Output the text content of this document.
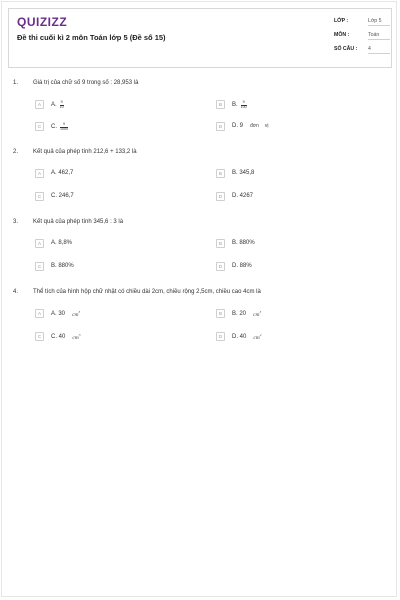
QUIZIZZ
Đề thi cuối kì 2 môn Toán lớp 5 (Đề số 15)
LỚP :	Lớp 5
MÔN :	Toán
SỐ CÂU : 4
1. Giá trị của chữ số 9 trong số : 28,953 là
A	A. $\frac{9}{10}$	B	B. $\frac{9}{100}$
C	C. $\frac{9}{1000}$	D	D. 9 đơn vị
2. Kết quả của phép tính 212,6 + 133,2 là
A	A. 462,7	B	B. 345,8
C	C. 246,7	D	D. 4267
3. Kết quả của phép tính 345,6 : 3 là
A	A. 8,8%	B	B. 880%
C	B. 880%	D	D. 88%
4. Thể tích của hình hộp chữ nhật có chiều dài 2cm, chiều rộng 2,5cm, chiều cao 4cm là
A	A. 30 $cm^3$	B	B. 20 $cm^3$
C	C. 40 $cm^3$	D	D. 40 $cm^2$
